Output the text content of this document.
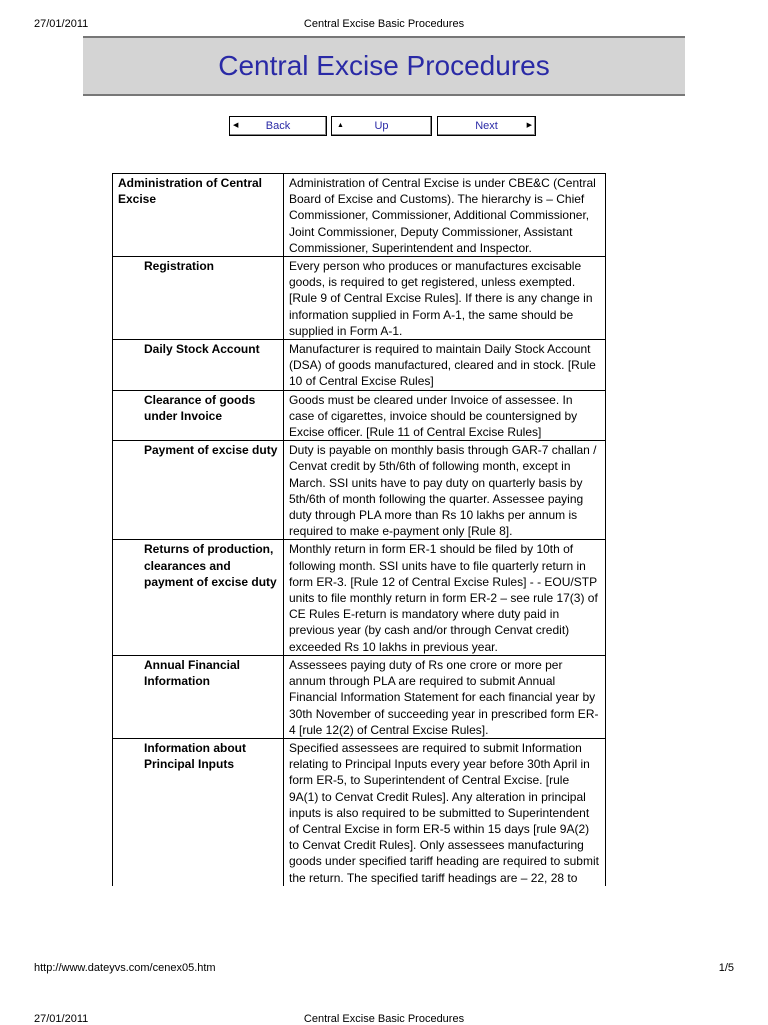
27/01/2011	Central Excise Basic Procedures
Central Excise Procedures
◀ Back	▲	Up	Next	▶
Administration of Central Excise	Administration of Central Excise is under CBE&C (Central Board of Excise and Customs). The hierarchy is – Chief Commissioner, Commissioner, Additional Commissioner, Joint Commissioner, Deputy Commissioner, Assistant Commissioner, Superintendent and Inspector.
Registration	Every person who produces or manufactures excisable goods, is required to get registered, unless exempted. [Rule 9 of Central Excise Rules]. If there is any change in information supplied in Form A-1, the same should be supplied in Form A-1.
Daily Stock Account	Manufacturer is required to maintain Daily Stock Account (DSA) of goods manufactured, cleared and in stock. [Rule 10 of Central Excise Rules]
Clearance of goods under Invoice	Goods must be cleared under Invoice of assessee. In case of cigarettes, invoice should be countersigned by Excise officer. [Rule 11 of Central Excise Rules]
Payment of excise duty	Duty is payable on monthly basis through GAR-7 challan / Cenvat credit by 5th/6th of following month, except in March. SSI units have to pay duty on quarterly basis by 5th/6th of month following the quarter. Assessee paying duty through PLA more than Rs 10 lakhs per annum is required to make e-payment only [Rule 8].
Returns of production, clearances and payment of excise duty	Monthly return in form ER-1 should be filed by 10th of following month. SSI units have to file quarterly return in form ER-3. [Rule 12 of Central Excise Rules] - - EOU/STP units to file monthly return in form ER-2 – see rule 17(3) of CE Rules E-return is mandatory where duty paid in previous year (by cash and/or through Cenvat credit) exceeded Rs 10 lakhs in previous year.
Annual Financial Information	Assessees paying duty of Rs one crore or more per annum through PLA are required to submit Annual Financial Information Statement for each financial year by 30th November of succeeding year in prescribed form ER-4 [rule 12(2) of Central Excise Rules].
Information about Principal Inputs	Specified assessees are required to submit Information relating to Principal Inputs every year before 30th April in form ER-5, to Superintendent of Central Excise. [rule 9A(1) to Cenvat Credit Rules]. Any alteration in principal inputs is also required to be submitted to Superintendent of Central Excise in form ER-5 within 15 days [rule 9A(2) to Cenvat Credit Rules]. Only assessees manufacturing goods under specified tariff heading are required to submit the return. The specified tariff headings are – 22, 28 to
http://www.dateyvs.com/cenex05.htm	1/5
27/01/2011	Central Excise Basic Procedures
